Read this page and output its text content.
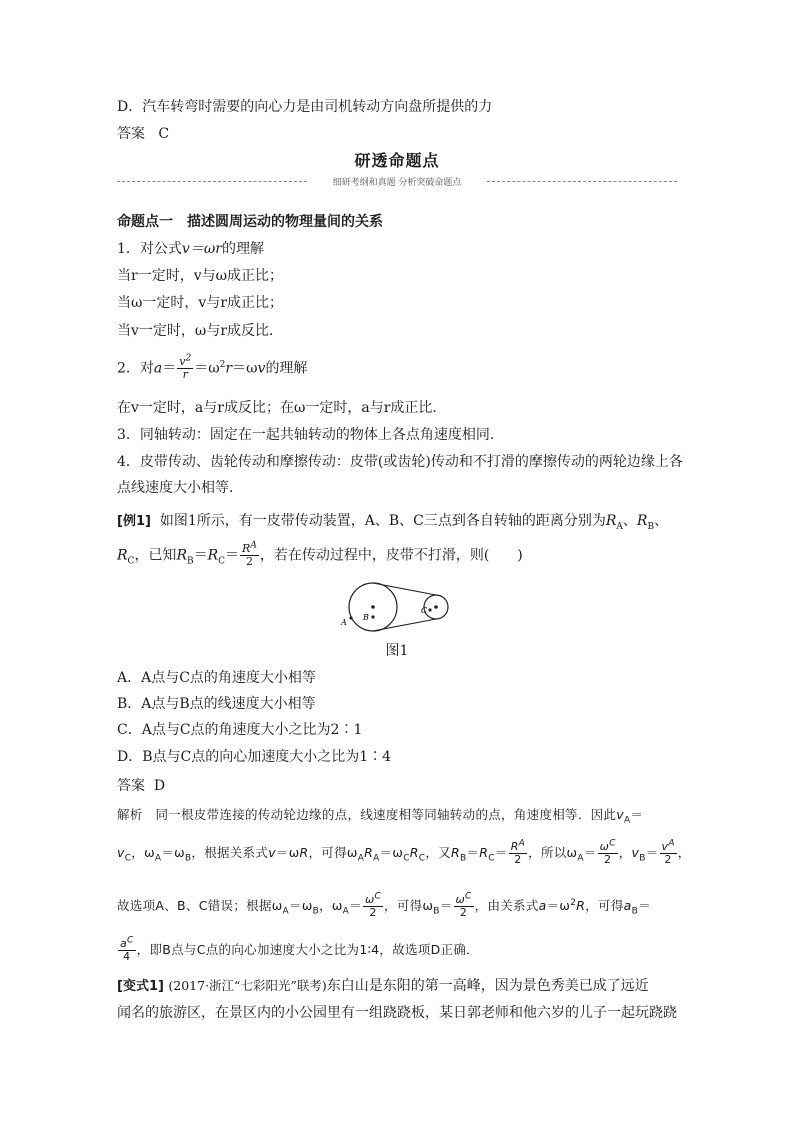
D．汽车转弯时需要的向心力是由司机转动方向盘所提供的力
答案 C
研透命题点
细研考纲和真题 分析突破命题点
命题点一　描述圆周运动的物理量间的关系
1．对公式v＝ωr的理解
当r一定时，v与ω成正比；
当ω一定时，v与r成正比；
当v一定时，ω与r成反比．
2．对$a= \frac{v^2}{r} =\omega^2r=\omega v$的理解
在v一定时，a与r成反比；在ω一定时，a与r成正比．
3．同轴转动：固定在一起共轴转动的物体上各点角速度相同．
4．皮带传动、齿轮传动和摩擦传动：皮带(或齿轮)传动和不打滑的摩擦传动的两轮边缘上各
点线速度大小相等．
[例1] 如图1所示，有一皮带传动装置，A、B、C三点到各自转轴的距离分别为$R_A$、$R_B$、
$R_C$，已知$R_B=R_C= \frac{R^A}{2}$ ，若在传动过程中，皮带不打滑，则(　　)
A
B
C
图1
A．A点与C点的角速度大小相等
B．A点与B点的线速度大小相等
C．A点与C点的角速度大小之比为2∶1
D．B点与C点的向心加速度大小之比为1∶4
答案 D
解析 同一根皮带连接的传动轮边缘的点，线速度相等同轴转动的点，角速度相等．因此$v_A=$
$v_C$，$\omega_A=\omega_B$，根据关系式v＝ωR，可得$\omega_AR_A=\omega_CR_C$，又$R_B=R_C= \frac{R^A}{2}$ ，所以$\omega_A= \frac{\omega^C}{2}$ ，$v_B= \frac{v^A}{2}$ ，
故选项A、B、C错误；根据$\omega_A=\omega_B$，$\omega_A= \frac{\omega^C}{2}$ ，可得$\omega_B= \frac{\omega^C}{2}$ ，由关系式$a=\omega^2R$，可得$a_B=$
$\frac{a^C}{4}$ ，即B点与C点的向心加速度大小之比为1∶4，故选项D正确．
[变式1] (2017·浙江“七彩阳光”联考)东白山是东阳的第一高峰，因为景色秀美已成了远近
闻名的旅游区，在景区内的小公园里有一组跷跷板，某日郭老师和他六岁的儿子一起玩跷跷
